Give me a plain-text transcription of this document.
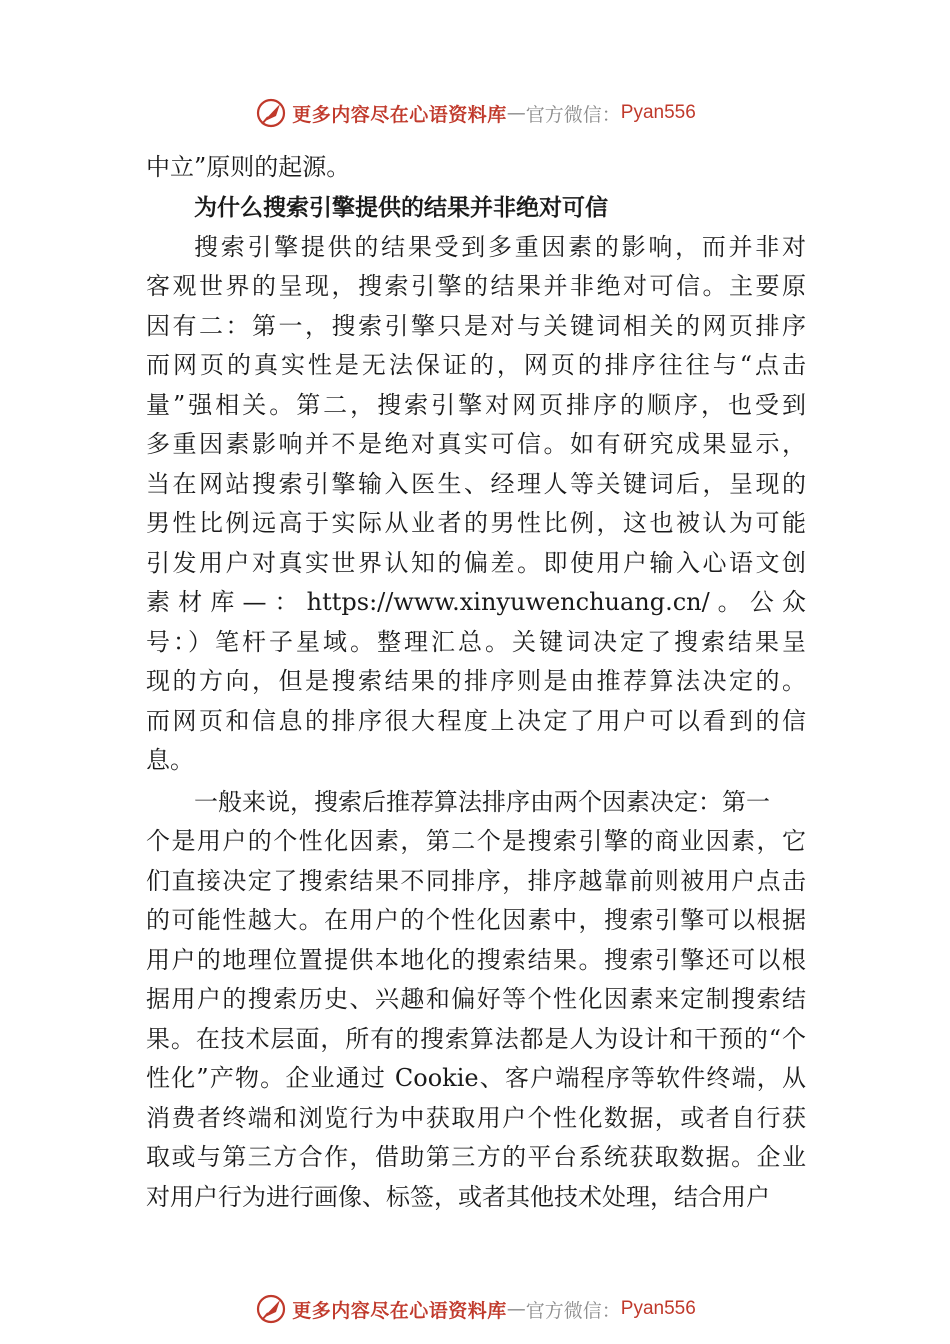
更多内容尽在心语资料库 — 官方微信 ： Pyan556
中立”原则的起源。
为什么搜索引擎提供的结果并非绝对可信
搜索引擎提供的结果受到多重因素的影响，而并非对
客观世界的呈现，搜索引擎的结果并非绝对可信。主要原
因有二：第一，搜索引擎只是对与关键词相关的网页排序
而网页的真实性是无法保证的，网页的排序往往与“点击
量”强相关。第二，搜索引擎对网页排序的顺序，也受到
多重因素影响并不是绝对真实可信。如有研究成果显示，
当在网站搜索引擎输入医生、经理人等关键词后，呈现的
男性比例远高于实际从业者的男性比例，这也被认为可能
引发用户对真实世界认知的偏差。即使用户输入心语文创
素 材 库 — ： https://www.xinyuwenchuang.cn/ 。 公 众
号：）笔杆子星域。整理汇总。关键词决定了搜索结果呈
现的方向，但是搜索结果的排序则是由推荐算法决定的。
而网页和信息的排序很大程度上决定了用户可以看到的信
息。
一般来说，搜索后推荐算法排序由两个因素决定：第一
个是用户的个性化因素，第二个是搜索引擎的商业因素，它
们直接决定了搜索结果不同排序，排序越靠前则被用户点击
的可能性越大。在用户的个性化因素中，搜索引擎可以根据
用户的地理位置提供本地化的搜索结果。搜索引擎还可以根
据用户的搜索历史、兴趣和偏好等个性化因素来定制搜索结
果。在技术层面，所有的搜索算法都是人为设计和干预的“个
性化”产物。企业通过 Cookie、客户端程序等软件终端，从
消费者终端和浏览行为中获取用户个性化数据，或者自行获
取或与第三方合作，借助第三方的平台系统获取数据。企业
对用户行为进行画像、标签，或者其他技术处理，结合用户
更多内容尽在心语资料库 — 官方微信 ： Pyan556
